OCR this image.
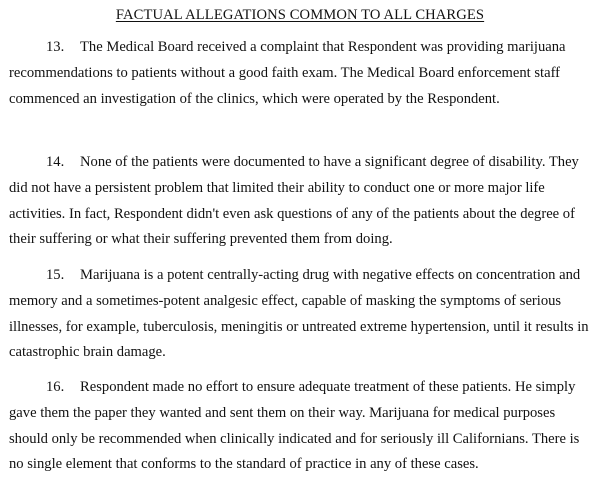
FACTUAL ALLEGATIONS COMMON TO ALL CHARGES

13. The Medical Board received a complaint that Respondent was providing marijuana recommendations to patients without a good faith exam. The Medical Board enforcement staff commenced an investigation of the clinics, which were operated by the Respondent.

14. None of the patients were documented to have a significant degree of disability. They did not have a persistent problem that limited their ability to conduct one or more major life activities. In fact, Respondent didn't even ask questions of any of the patients about the degree of their suffering or what their suffering prevented them from doing.

15. Marijuana is a potent centrally-acting drug with negative effects on concentration and memory and a sometimes-potent analgesic effect, capable of masking the symptoms of serious illnesses, for example, tuberculosis, meningitis or untreated extreme hypertension, until it results in catastrophic brain damage.

16. Respondent made no effort to ensure adequate treatment of these patients. He simply gave them the paper they wanted and sent them on their way. Marijuana for medical purposes should only be recommended when clinically indicated and for seriously ill Californians. There is no single element that conforms to the standard of practice in any of these cases.
